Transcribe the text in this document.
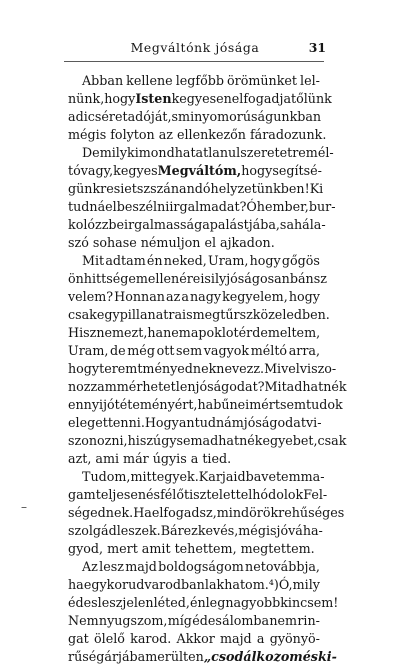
Megváltónk jósága	31
Abban kellene legfőbb örömünket lel-
nünk, hogy Isten kegyesen elfogadja tőlünk
a dicséret adóját, s mi nyomorúságunkban
mégis folyton az ellenkezőn fáradozunk.
De mily kimondhatatlanul szeretetremél-
tó vagy, kegyes Megváltóm, hogy segítsé-
günkre sietsz szánandó helyzetünkben! Ki
tudná elbeszélni irgalmadat? Óh ember, bur-
kolózz be irgalmassága palástjába, s a hála-
szó sohase némuljon el ajkadon.
Mit adtam én neked, Uram, hogy gőgös
önhittségem ellenére is ily jóságosan bánsz
velem? Honnan az a nagy kegyelem, hogy
csak egy pillanatra is megtűrsz közeledben.
Hisz nem ezt, hanem a poklot érdemeltem,
Uram, de még ott sem vagyok méltó arra,
hogy teremtményednek nevezz. Mivel viszo-
nozzam mérhetetlen jóságodat? Mit adhatnék
ennyi jótéteményért, ha bűneimért sem tudok
eleget tenni. Hogyan tudnám jóságodat vi-
szonozni, hisz úgysem adhatnék egyebet, csak
azt, ami már úgyis a tied.
Tudom, mit tegyek. Karjaidba vetem ma-
gam teljesen és félő tisztelettel hódolok Fel-
ségednek. Ha elfogadsz, mindörökre hűséges
szolgád leszek. Bár ez kevés, mégis jóváha-
gyod, mert amit tehettem, megtettem.
Az lesz majd boldogságom netovábbja,
ha egykor udvarodban lakhatom.⁴) Ó, mily
édes lesz jelenléted, én legnagyobb kincsem!
Nem nyugszom, míg édes álomba nem rin-
gat ölelő karod. Akkor majd a gyönyö-
rűség árjába merülten „csodálkozom és ki-
–
